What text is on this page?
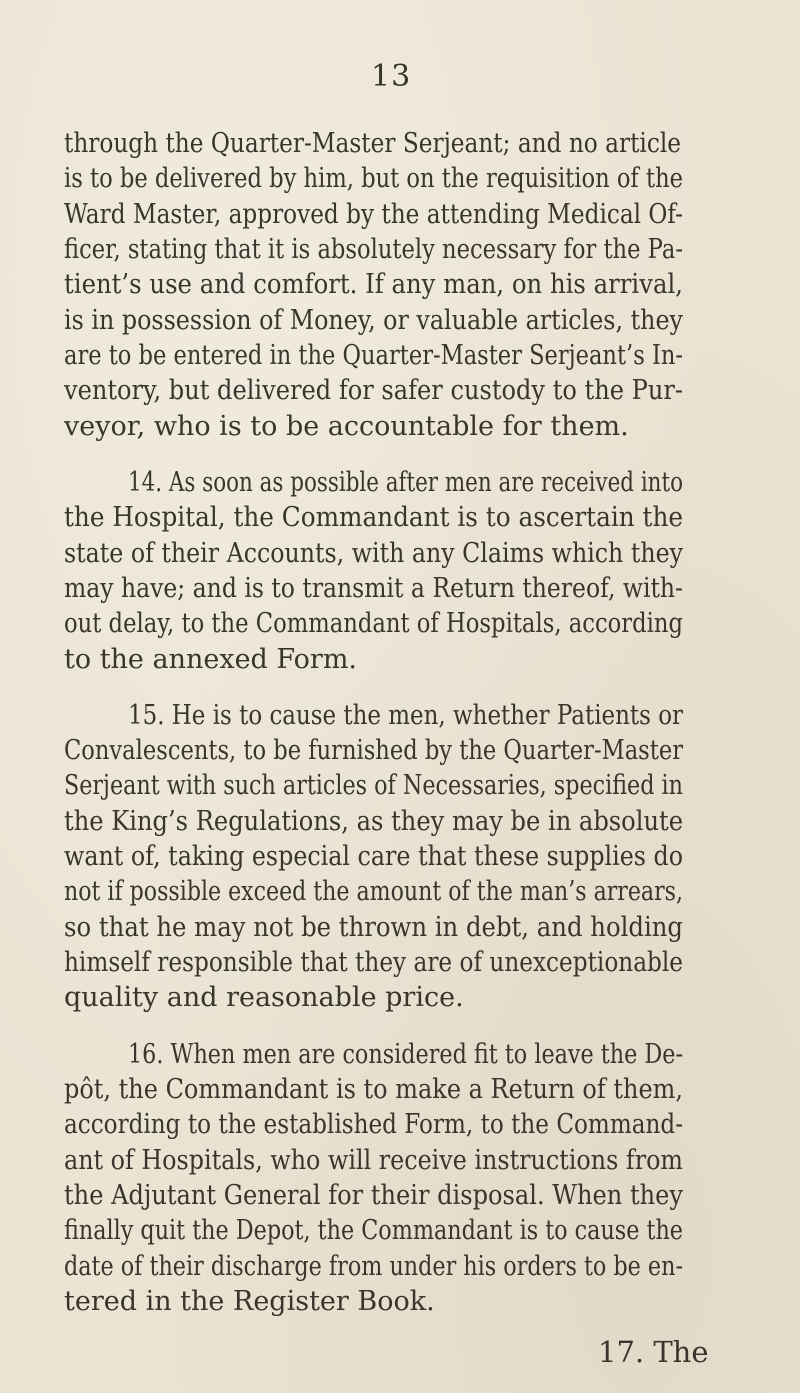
13
through the Quarter-Master Serjeant; and no article
is to be delivered by him, but on the requisition of the
Ward Master, approved by the attending Medical Of-
ficer, stating that it is absolutely necessary for the Pa-
tient’s use and comfort. If any man, on his arrival,
is in possession of Money, or valuable articles, they
are to be entered in the Quarter-Master Serjeant’s In-
ventory, but delivered for safer custody to the Pur-
veyor, who is to be accountable for them.
14. As soon as possible after men are received into
the Hospital, the Commandant is to ascertain the
state of their Accounts, with any Claims which they
may have; and is to transmit a Return thereof, with-
out delay, to the Commandant of Hospitals, according
to the annexed Form.
15. He is to cause the men, whether Patients or
Convalescents, to be furnished by the Quarter-Master
Serjeant with such articles of Necessaries, specified in
the King’s Regulations, as they may be in absolute
want of, taking especial care that these supplies do
not if possible exceed the amount of the man’s arrears,
so that he may not be thrown in debt, and holding
himself responsible that they are of unexceptionable
quality and reasonable price.
16. When men are considered fit to leave the De-
pôt, the Commandant is to make a Return of them,
according to the established Form, to the Command-
ant of Hospitals, who will receive instructions from
the Adjutant General for their disposal. When they
finally quit the Depot, the Commandant is to cause the
date of their discharge from under his orders to be en-
tered in the Register Book.
17. The
